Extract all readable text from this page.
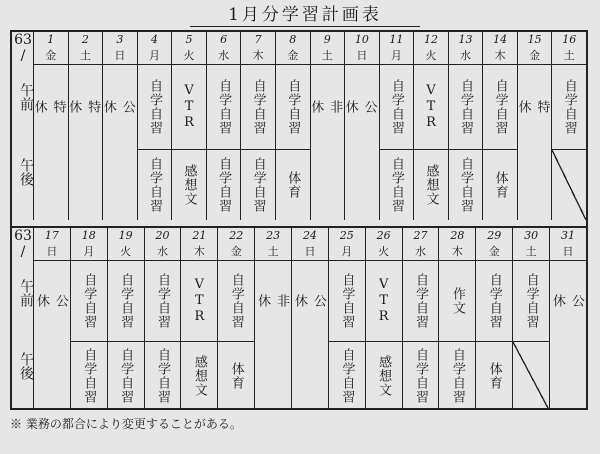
1月分学習計画表
63
/
午前
午後
1
金
特
休
2
土
特
休
3
日
公
休
4
月
自学自習
自学自習
5
火
VTR
感想文
6
水
自学自習
自学自習
7
木
自学自習
自学自習
8
金
自学自習
体育
9
土
非
休
10
日
公
休
11
月
自学自習
自学自習
12
火
VTR
感想文
13
水
自学自習
自学自習
14
木
自学自習
体育
15
金
特
休
16
土
自学自習
63
/
午前
午後
17
日
公
休
18
月
自学自習
自学自習
19
火
自学自習
自学自習
20
水
自学自習
自学自習
21
木
VTR
感想文
22
金
自学自習
体育
23
土
非
休
24
日
公
休
25
月
自学自習
自学自習
26
火
VTR
感想文
27
水
自学自習
自学自習
28
木
作文
自学自習
29
金
自学自習
体育
30
土
自学自習
31
日
公
休
※ 業務の都合により変更することがある。
